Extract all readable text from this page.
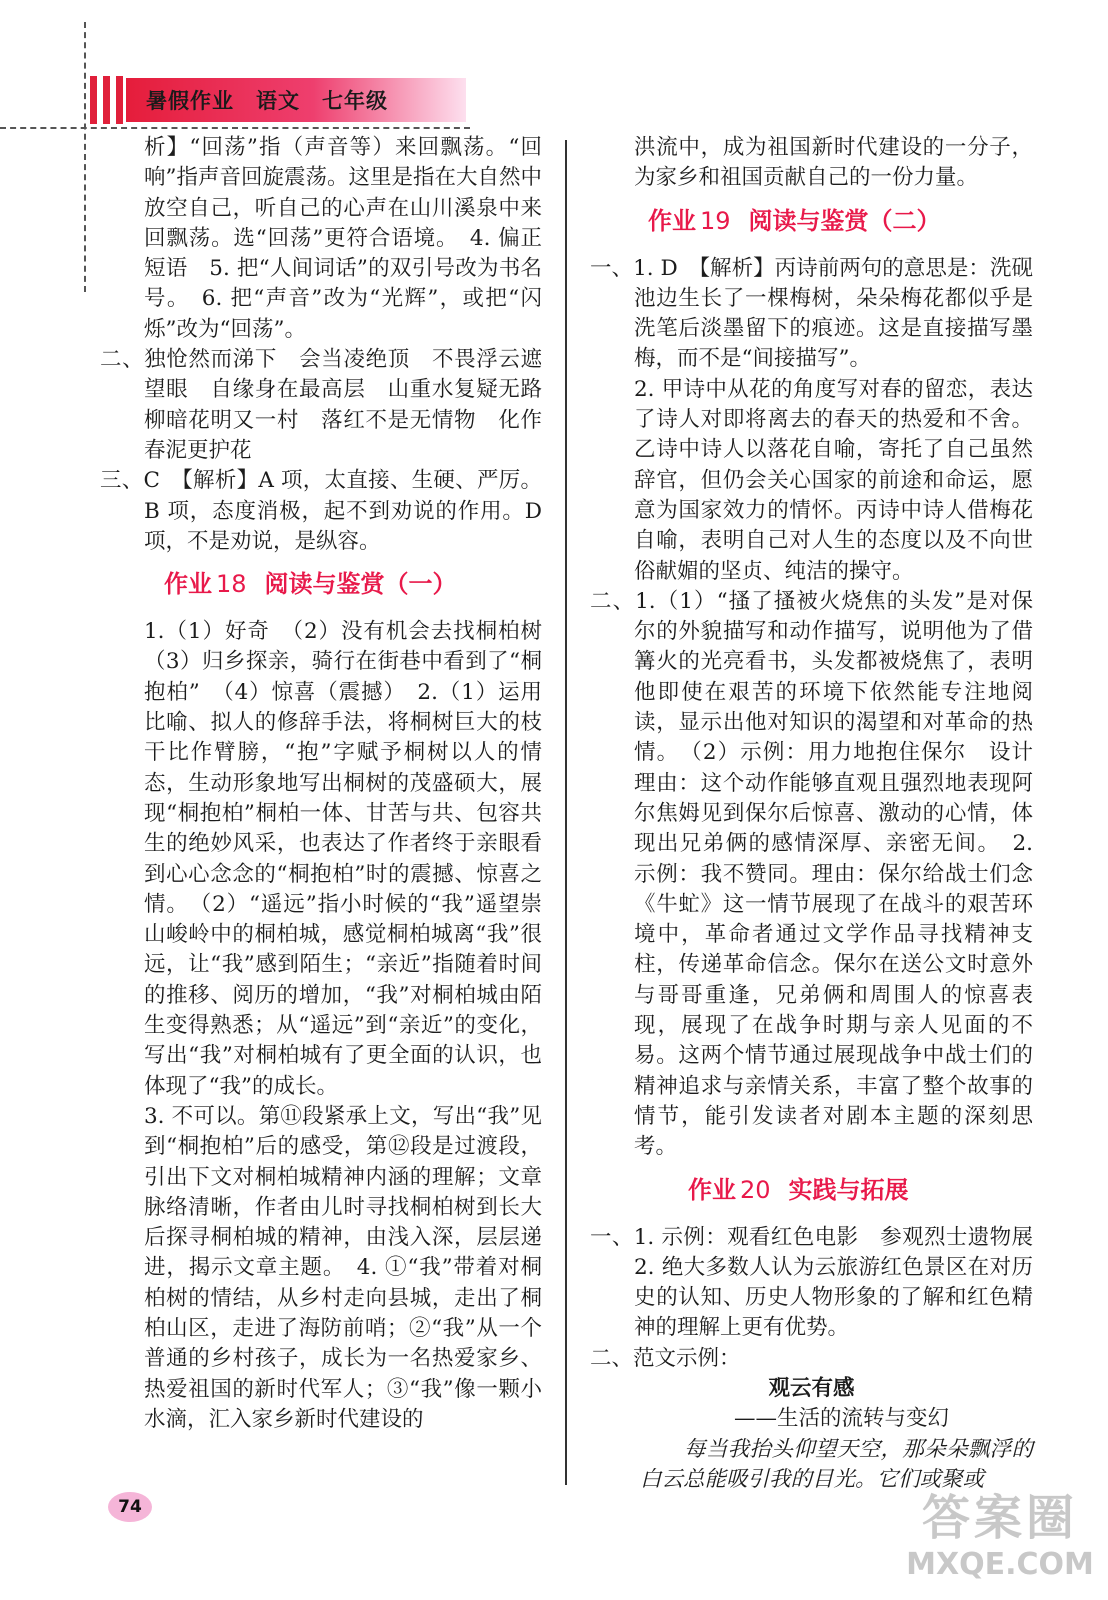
暑假作业 语文 七年级

析】“回荡”指（声音等）来回飘荡。“回响”指声音回旋震荡。这里是指在大自然中放空自己，听自己的心声在山川溪泉中来回飘荡。选“回荡”更符合语境。　4. 偏正短语　5. 把“人间词话”的双引号改为书名号。　6. 把“声音”改为“光辉”，或把“闪烁”改为“回荡”。

二、独怆然而涕下　会当凌绝顶　不畏浮云遮望眼　自缘身在最高层　山重水复疑无路　柳暗花明又一村　落红不是无情物　化作春泥更护花

三、C　【解析】A 项，太直接、生硬、严厉。B 项，态度消极，起不到劝说的作用。D 项，不是劝说，是纵容。

作业 18 阅读与鉴赏（一）

1.（1）好奇　（2）没有机会去找桐柏树　（3）归乡探亲，骑行在街巷中看到了“桐抱柏”　（4）惊喜（震撼）　2.（1）运用比喻、拟人的修辞手法，将桐树巨大的枝干比作臂膀，“抱”字赋予桐树以人的情态，生动形象地写出桐树的茂盛硕大，展现“桐抱柏”桐柏一体、甘苦与共、包容共生的绝妙风采，也表达了作者终于亲眼看到心心念念的“桐抱柏”时的震撼、惊喜之情。　（2）“遥远”指小时候的“我”遥望崇山峻岭中的桐柏城，感觉桐柏城离“我”很远，让“我”感到陌生；“亲近”指随着时间的推移、阅历的增加，“我”对桐柏城由陌生变得熟悉；从“遥远”到“亲近”的变化，写出“我”对桐柏城有了更全面的认识，也体现了“我”的成长。

3. 不可以。第⑪段紧承上文，写出“我”见到“桐抱柏”后的感受，第⑫段是过渡段，引出下文对桐柏城精神内涵的理解；文章脉络清晰，作者由儿时寻找桐柏树到长大后探寻桐柏城的精神，由浅入深，层层递进，揭示文章主题。　4. ①“我”带着对桐柏树的情结，从乡村走向县城，走出了桐柏山区，走进了海防前哨；②“我”从一个普通的乡村孩子，成长为一名热爱家乡、热爱祖国的新时代军人；③“我”像一颗小水滴，汇入家乡新时代建设的

洪流中，成为祖国新时代建设的一分子，为家乡和祖国贡献自己的一份力量。

作业 19 阅读与鉴赏（二）

一、1. D　【解析】丙诗前两句的意思是：洗砚池边生长了一棵梅树，朵朵梅花都似乎是洗笔后淡墨留下的痕迹。这是直接描写墨梅，而不是“间接描写”。

2. 甲诗中从花的角度写对春的留恋，表达了诗人对即将离去的春天的热爱和不舍。乙诗中诗人以落花自喻，寄托了自己虽然辞官，但仍会关心国家的前途和命运，愿意为国家效力的情怀。丙诗中诗人借梅花自喻，表明自己对人生的态度以及不向世俗献媚的坚贞、纯洁的操守。

二、1.（1）“搔了搔被火烧焦的头发”是对保尔的外貌描写和动作描写，说明他为了借篝火的光亮看书，头发都被烧焦了，表明他即使在艰苦的环境下依然能专注地阅读，显示出他对知识的渴望和对革命的热情。　（2）示例：用力地抱住保尔　设计理由：这个动作能够直观且强烈地表现阿尔焦姆见到保尔后惊喜、激动的心情，体现出兄弟俩的感情深厚、亲密无间。　2. 示例：我不赞同。理由：保尔给战士们念《牛虻》这一情节展现了在战斗的艰苦环境中，革命者通过文学作品寻找精神支柱，传递革命信念。保尔在送公文时意外与哥哥重逢，兄弟俩和周围人的惊喜表现，展现了在战争时期与亲人见面的不易。这两个情节通过展现战争中战士们的精神追求与亲情关系，丰富了整个故事的情节，能引发读者对剧本主题的深刻思考。

作业 20 实践与拓展

一、1. 示例：观看红色电影　参观烈士遗物展　2. 绝大多数人认为云旅游红色景区在对历史的认知、历史人物形象的了解和红色精神的理解上更有优势。

二、范文示例：

观云有感

——生活的流转与变幻

每当我抬头仰望天空，那朵朵飘浮的白云总能吸引我的目光。它们或聚或

74	答案圈
MXQE.COM
